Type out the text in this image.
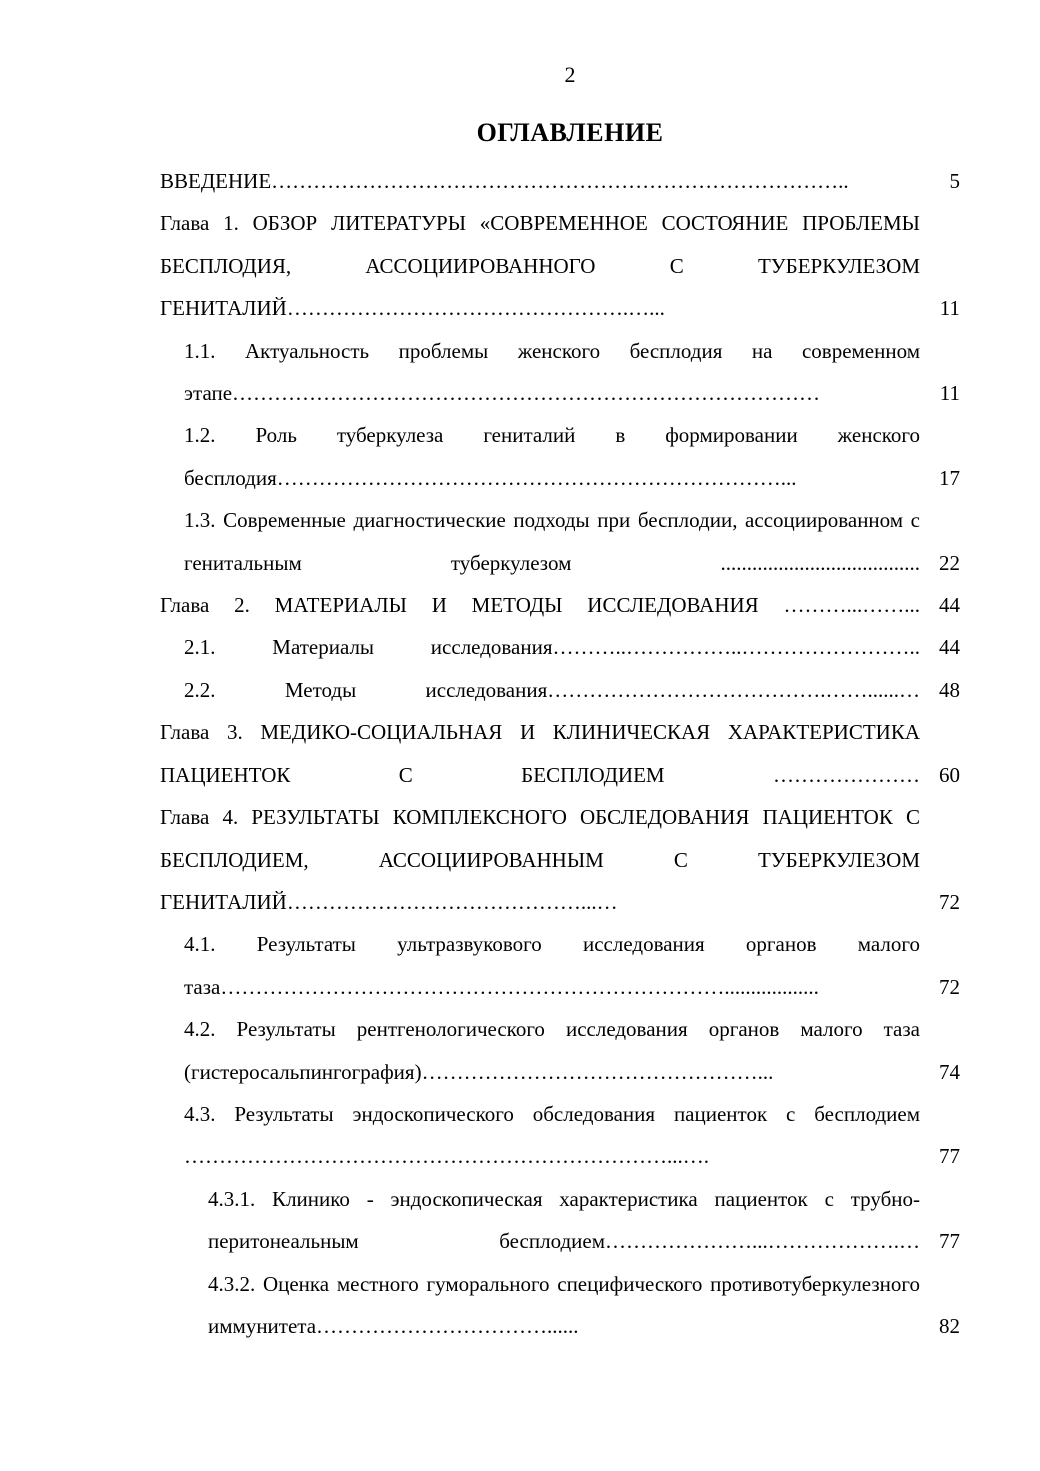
2
ОГЛАВЛЕНИЕ
ВВЕДЕНИЕ………………………………………………………………………..	5
Глава 1. ОБЗОР ЛИТЕРАТУРЫ «СОВРЕМЕННОЕ СОСТОЯНИЕ ПРОБЛЕМЫ БЕСПЛОДИЯ, АССОЦИИРОВАННОГО С ТУБЕРКУЛЕЗОМ ГЕНИТАЛИЙ………………………………………….…...	11
1.1. Актуальность проблемы женского бесплодия на современном этапе…………………………………………………………………………	11
1.2. Роль туберкулеза гениталий в формировании женского бесплодия………………………………………………………………...	17
1.3. Современные диагностические подходы при бесплодии, ассоциированном с генитальным туберкулезом ...................................... 22
Глава 2. МАТЕРИАЛЫ И МЕТОДЫ ИССЛЕДОВАНИЯ ………...……... 44
2.1. Материалы исследования………..……………..…………………….. 44
2.2. Методы исследования………………………………….……......… 48
Глава 3. МЕДИКО-СОЦИАЛЬНАЯ И КЛИНИЧЕСКАЯ ХАРАКТЕРИСТИКА ПАЦИЕНТОК С БЕСПЛОДИЕМ ………………… 60
Глава 4. РЕЗУЛЬТАТЫ КОМПЛЕКСНОГО ОБСЛЕДОВАНИЯ ПАЦИЕНТОК С БЕСПЛОДИЕМ, АССОЦИИРОВАННЫМ С ТУБЕРКУЛЕЗОМ ГЕНИТАЛИЙ……………………………………...…	72
4.1. Результаты ультразвукового исследования органов малого таза………………………………………………………………..................	72
4.2. Результаты рентгенологического исследования органов малого таза (гистеросальпингография)…………………………………………...	74
4.3. Результаты эндоскопического обследования пациенток с бесплодием ……………………………………………………………...….	77
4.3.1. Клинико - эндоскопическая характеристика пациенток с трубно-перитонеальным бесплодием…………………...……………….… 77
4.3.2. Оценка местного гуморального специфического противотуберкулезного иммунитета……………………………......	82
